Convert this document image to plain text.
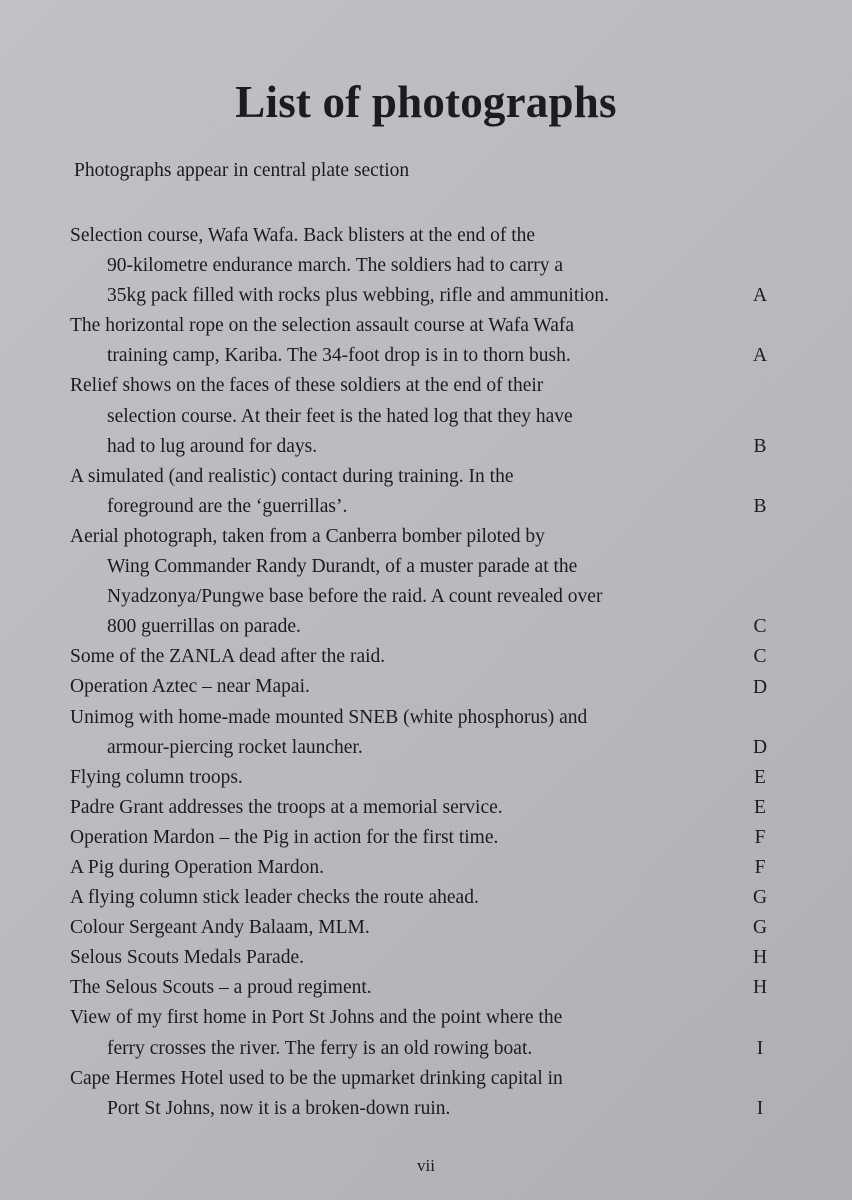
List of photographs
Photographs appear in central plate section
Selection course, Wafa Wafa. Back blisters at the end of the
90-kilometre endurance march. The soldiers had to carry a
35kg pack filled with rocks plus webbing, rifle and ammunition.	A
The horizontal rope on the selection assault course at Wafa Wafa
training camp, Kariba. The 34-foot drop is in to thorn bush.	A
Relief shows on the faces of these soldiers at the end of their
selection course. At their feet is the hated log that they have
had to lug around for days.	B
A simulated (and realistic) contact during training. In the
foreground are the ‘guerrillas’.	B
Aerial photograph, taken from a Canberra bomber piloted by
Wing Commander Randy Durandt, of a muster parade at the
Nyadzonya/Pungwe base before the raid. A count revealed over
800 guerrillas on parade.	C
Some of the ZANLA dead after the raid.	C
Operation Aztec – near Mapai.	D
Unimog with home-made mounted SNEB (white phosphorus) and
armour-piercing rocket launcher.	D
Flying column troops.	E
Padre Grant addresses the troops at a memorial service.	E
Operation Mardon – the Pig in action for the first time.	F
A Pig during Operation Mardon.	F
A flying column stick leader checks the route ahead.	G
Colour Sergeant Andy Balaam, MLM.	G
Selous Scouts Medals Parade.	H
The Selous Scouts – a proud regiment.	H
View of my first home in Port St Johns and the point where the
ferry crosses the river. The ferry is an old rowing boat.	I
Cape Hermes Hotel used to be the upmarket drinking capital in
Port St Johns, now it is a broken-down ruin.	I
vii
